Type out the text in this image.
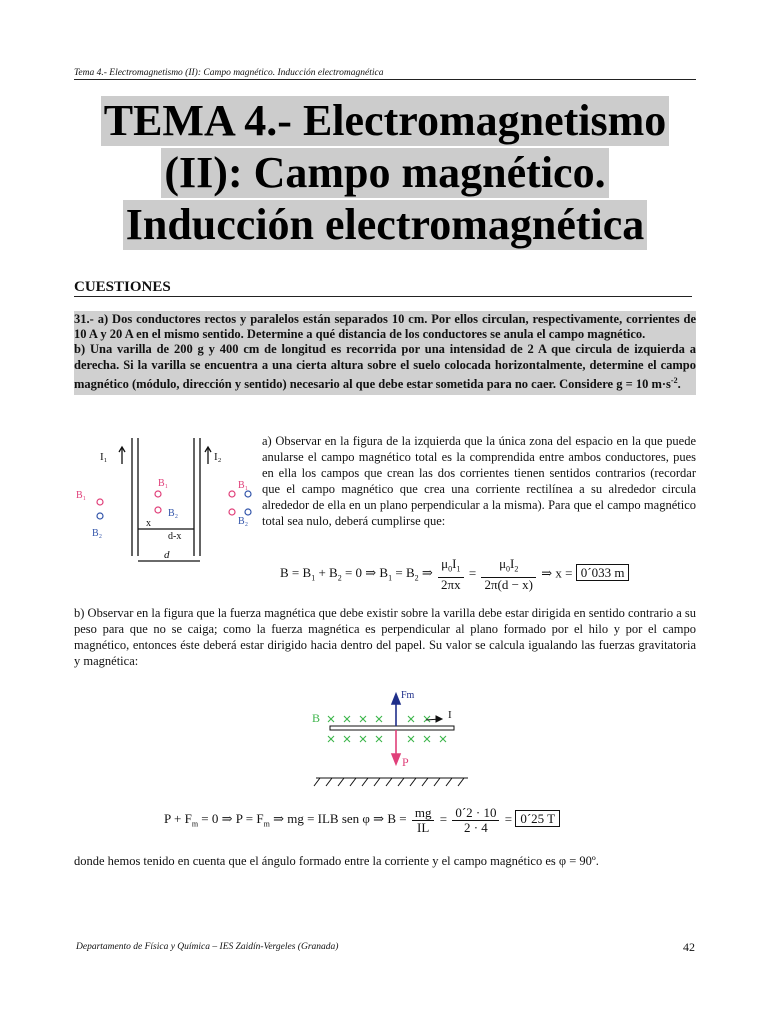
Tema 4.- Electromagnetismo (II): Campo magnético. Inducción electromagnética
TEMA 4.- Electromagnetismo
(II): Campo magnético.
Inducción electromagnética
CUESTIONES

31.- a) Dos conductores rectos y paralelos están separados 10 cm. Por ellos circulan, respectivamente, corrientes de 10 A y 20 A en el mismo sentido. Determine a qué distancia de los conductores se anula el campo magnético.

b) Una varilla de 200 g y 400 cm de longitud es recorrida por una intensidad de 2 A que circula de izquierda a derecha. Si la varilla se encuentra a una cierta altura sobre el suelo colocada horizontalmente, determine el campo magnético (módulo, dirección y sentido) necesario al que debe estar sometida para no caer. Considere g = 10 $m\cdot s^{-2}$.

I₁	I₂
B₁
B₂
B₁
B₂
B₁
B₂
x
d-x
d
a) Observar en la figura de la izquierda que la única zona del espacio en la que puede anularse el campo magnético total es la comprendida entre ambos conductores, pues en ella los campos que crean las dos corrientes tienen sentidos contrarios (recordar que el campo magnético que crea una corriente rectilínea a su alrededor circula alrededor de ella en un plano perpendicular a la misma). Para que el campo magnético total sea nulo, deberá cumplirse que:
$B = B_1 + B_2 = 0$ ⇒ $B_1 = B_2$ ⇒ $\frac{\mu_0I_1}{2\pi x} = \frac{\mu_0I_2}{2\pi(d - x)}$ ⇒ x = 0´033 m
b) Observar en la figura que la fuerza magnética que debe existir sobre la varilla debe estar dirigida en sentido contrario a su peso para que no se caiga; como la fuerza magnética es perpendicular al plano formado por el hilo y por el campo magnético, entonces éste deberá estar dirigido hacia dentro del papel. Su valor se calcula igualando las fuerzas gravitatoria y magnética:
B
Fm
I
P
$P + F_m = 0$ ⇒ $P = F_m$ ⇒ mg = ILB sen φ ⇒ $B = \frac{mg}{IL} = \frac{0´2 \cdot 10}{2 \cdot 4}$ = 0´25 T
donde hemos tenido en cuenta que el ángulo formado entre la corriente y el campo magnético es φ = 90º.
Departamento de Física y Química – IES Zaidín-Vergeles (Granada)	42
